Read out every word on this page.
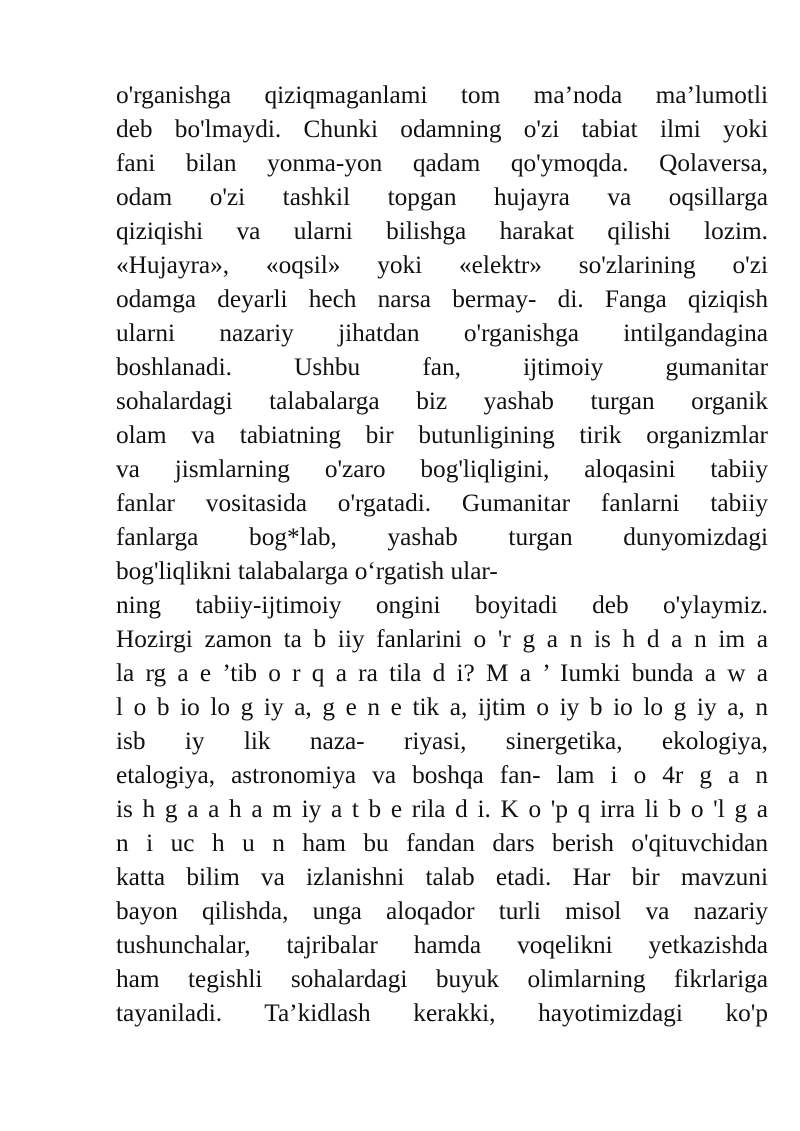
o'rganishga qiziqmaganlami tom ma’noda ma’lumotli
deb bo'lmaydi. Chunki odamning o'zi tabiat ilmi yoki
fani bilan yonma-yon qadam qo'ymoqda. Qolaversa,
odam o'zi tashkil topgan hujayra va oqsillarga
qiziqishi va ularni bilishga harakat qilishi lozim.
«Hujayra», «oqsil» yoki «elektr» so'zlarining o'zi
odamga deyarli hech narsa bermay- di. Fanga qiziqish
ularni nazariy jihatdan o'rganishga intilgandagina
boshlanadi. Ushbu fan, ijtimoiy gumanitar
sohalardagi talabalarga biz yashab turgan organik
olam va tabiatning bir butunligining tirik organizmlar
va jismlarning o'zaro bog'liqligini, aloqasini tabiiy
fanlar vositasida o'rgatadi. Gumanitar fanlarni tabiiy
fanlarga bog*lab, yashab turgan dunyomizdagi
bog'liqlikni talabalarga o‘rgatish ular-
ning tabiiy-ijtimoiy ongini boyitadi deb o'ylaymiz.
Hozirgi zamon ta b iiy fanlarini o 'r g a n is h d a n im a
la rg a e ’tib o r q a ra tila d i? M a ’ Iumki bunda a w a
l o b io lo g iy a, g e n e tik a, ijtim o iy b io lo g iy a, n
isb iy lik naza- riyasi, sinergetika, ekologiya,
etalogiya, astronomiya va boshqa fan- lam i o 4r g a n
is h g a a h a m iy a t b e rila d i. K o 'p q irra li b o 'l g a
n i uc h u n ham bu fandan dars berish o'qituvchidan
katta bilim va izlanishni talab etadi. Har bir mavzuni
bayon qilishda, unga aloqador turli misol va nazariy
tushunchalar, tajribalar hamda voqelikni yetkazishda
ham tegishli sohalardagi buyuk olimlarning fikrlariga
tayaniladi. Ta’kidlash kerakki, hayotimizdagi ko'p
